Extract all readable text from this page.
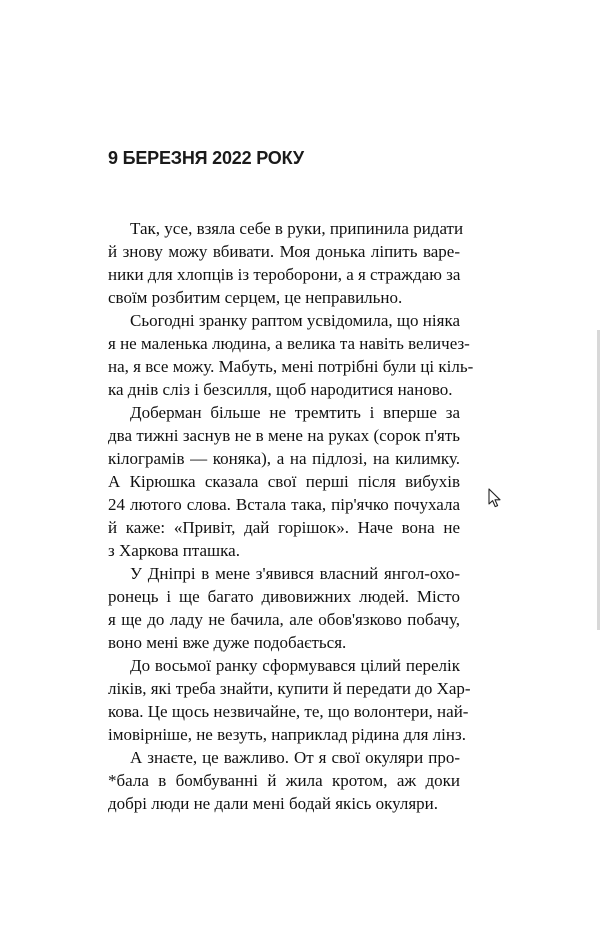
9 БЕРЕЗНЯ 2022 РОКУ

Так, усе, взяла себе в руки, припинила ридати
й знову можу вбивати. Моя донька ліпить варе-
ники для хлопців із тероборони, а я страждаю за
своїм розбитим серцем, це неправильно.

Сьогодні зранку раптом усвідомила, що ніяка
я не маленька людина, а велика та навіть величез-
на, я все можу. Мабуть, мені потрібні були ці кіль-
ка днів сліз і безсилля, щоб народитися наново.

Доберман більше не тремтить і вперше за
два тижні заснув не в мене на руках (сорок п'ять
кілограмів — коняка), а на підлозі, на килимку.
А Кірюшка сказала свої перші після вибухів
24 лютого слова. Встала така, пір'ячко почухала
й каже: «Привіт, дай горішок». Наче вона не
з Харкова пташка.

У Дніпрі в мене з'явився власний янгол-охо-
ронець і ще багато дивовижних людей. Місто
я ще до ладу не бачила, але обов'язково побачу,
воно мені вже дуже подобається.

До восьмої ранку сформувався цілий перелік
ліків, які треба знайти, купити й передати до Хар-
кова. Це щось незвичайне, те, що волонтери, най-
імовірніше, не везуть, наприклад рідина для лінз.

А знаєте, це важливо. От я свої окуляри про-
*бала в бомбуванні й жила кротом, аж доки
добрі люди не дали мені бодай якісь окуляри.
